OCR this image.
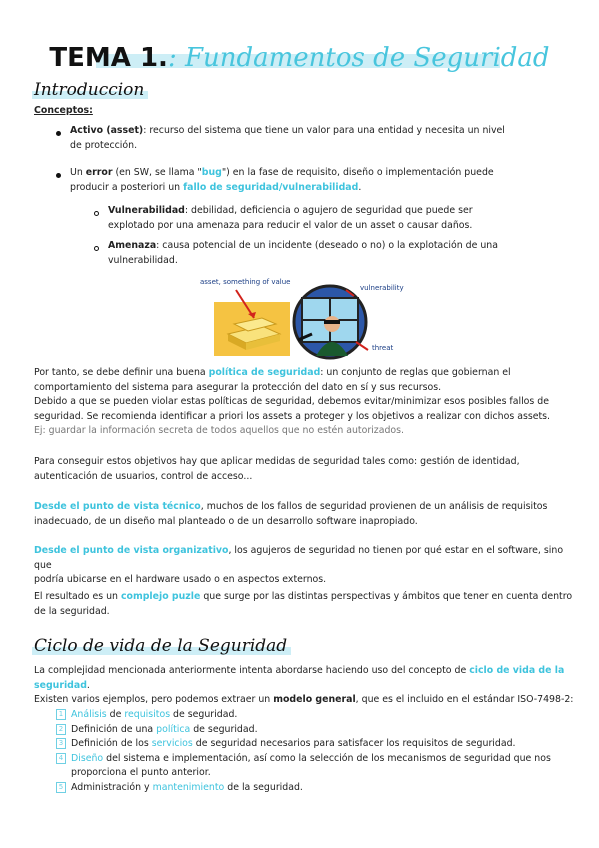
TEMA 1.: Fundamentos de Seguridad
Introduccion
Conceptos:
Activo (asset): recurso del sistema que tiene un valor para una entidad y necesita un nivel
de protección.
Un error (en SW, se llama "bug") en la fase de requisito, diseño o implementación puede
producir a posteriori un fallo de seguridad/vulnerabilidad.
Vulnerabilidad: debilidad, deficiencia o agujero de seguridad que puede ser
explotado por una amenaza para reducir el valor de un asset o causar daños.
Amenaza: causa potencial de un incidente (deseado o no) o la explotación de una
vulnerabilidad.
asset, something of value
vulnerability
threat
Por tanto, se debe definir una buena política de seguridad: un conjunto de reglas que gobiernan el
comportamiento del sistema para asegurar la protección del dato en sí y sus recursos.
Debido a que se pueden violar estas políticas de seguridad, debemos evitar/minimizar esos posibles fallos de
seguridad. Se recomienda identificar a priori los assets a proteger y los objetivos a realizar con dichos assets.
Ej: guardar la información secreta de todos aquellos que no estén autorizados.
Para conseguir estos objetivos hay que aplicar medidas de seguridad tales como: gestión de identidad,
autenticación de usuarios, control de acceso...
Desde el punto de vista técnico, muchos de los fallos de seguridad provienen de un análisis de requisitos
inadecuado, de un diseño mal planteado o de un desarrollo software inapropiado.
Desde el punto de vista organizativo, los agujeros de seguridad no tienen por qué estar en el software, sino que
podría ubicarse en el hardware usado o en aspectos externos.
El resultado es un complejo puzle que surge por las distintas perspectivas y ámbitos que tener en cuenta dentro
de la seguridad.
Ciclo de vida de la Seguridad
La complejidad mencionada anteriormente intenta abordarse haciendo uso del concepto de ciclo de vida de la
seguridad.
Existen varios ejemplos, pero podemos extraer un modelo general, que es el incluido en el estándar ISO-7498-2:
1 Análisis de requisitos de seguridad.
2 Definición de una política de seguridad.
3 Definición de los servicios de seguridad necesarios para satisfacer los requisitos de seguridad.
4 Diseño del sistema e implementación, así como la selección de los mecanismos de seguridad que nos
proporciona el punto anterior.
5 Administración y mantenimiento de la seguridad.
